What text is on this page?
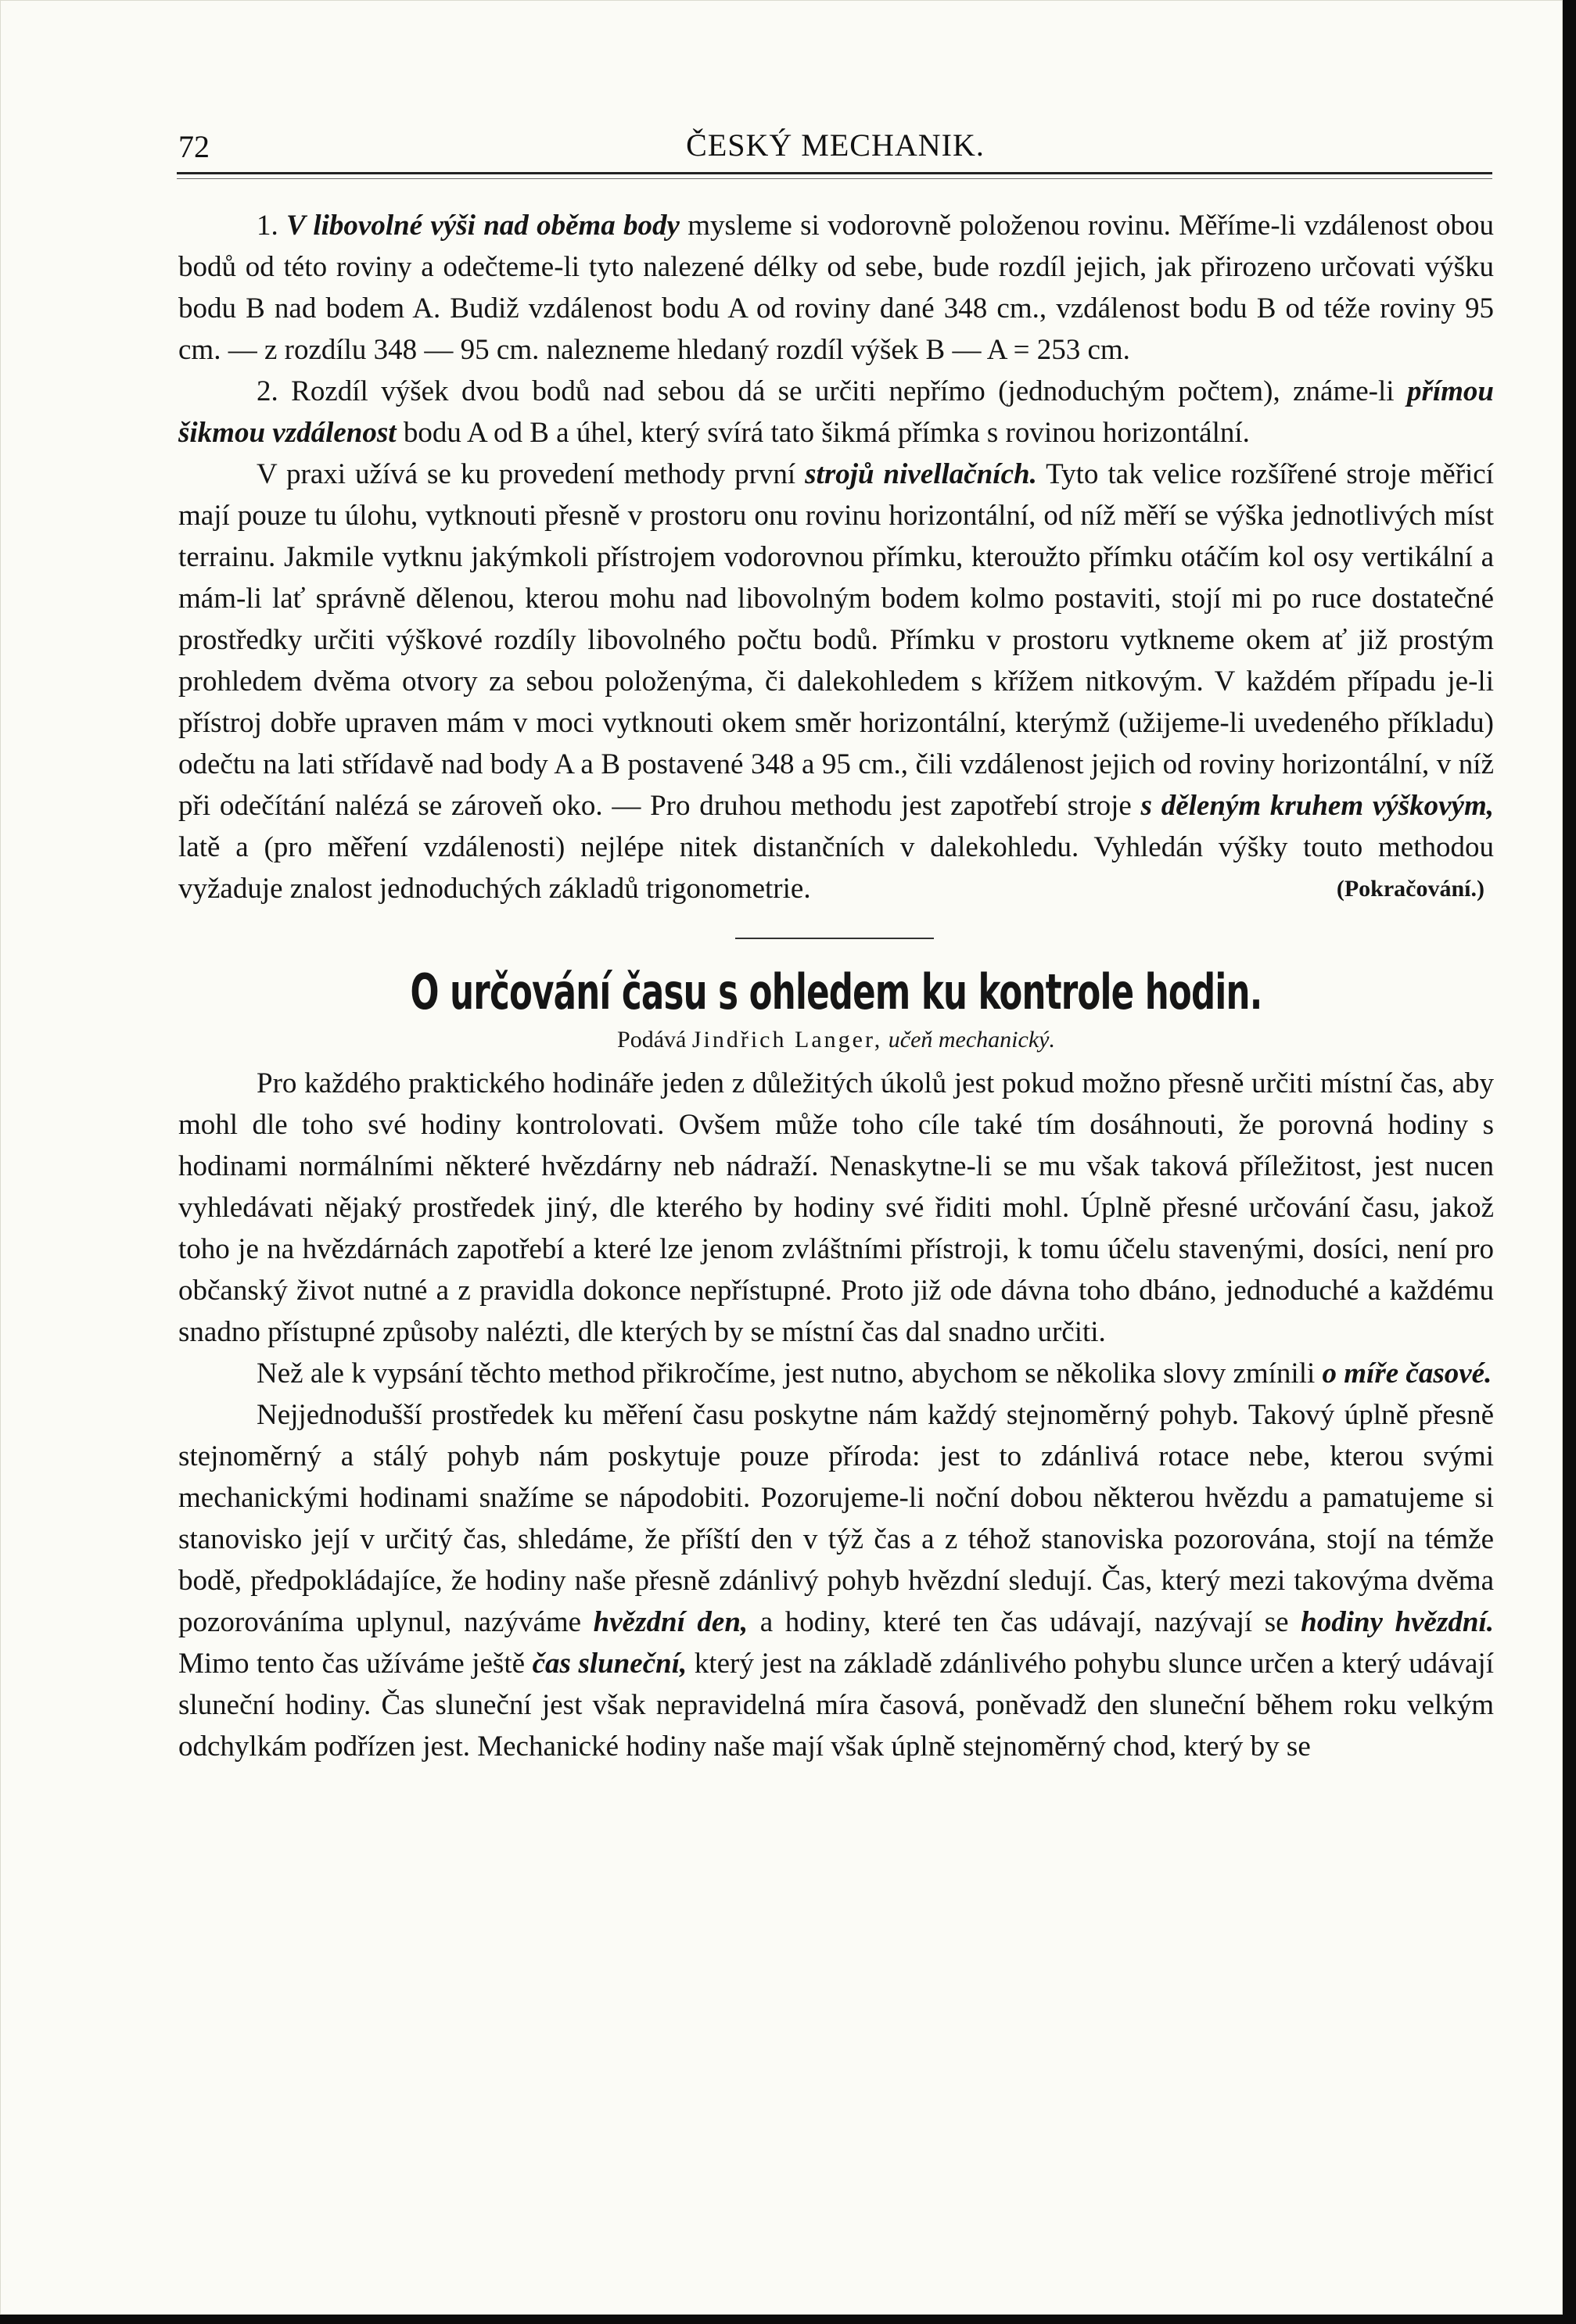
72	ČESKÝ MECHANIK.

1. V libovolné výši nad oběma body mysleme si vodorovně položenou rovinu. Měříme-li vzdálenost obou bodů od této roviny a odečteme-li tyto nalezené délky od sebe, bude rozdíl jejich, jak přirozeno určovati výšku bodu B nad bodem A. Budiž vzdálenost bodu A od roviny dané 348 cm., vzdálenost bodu B od téže roviny 95 cm. — z rozdílu 348 — 95 cm. nalezneme hledaný rozdíl výšek B — A = 253 cm.

2. Rozdíl výšek dvou bodů nad sebou dá se určiti nepřímo (jednoduchým počtem), známe-li přímou šikmou vzdálenost bodu A od B a úhel, který svírá tato šikmá přímka s rovinou horizontální.

V praxi užívá se ku provedení methody první strojů nivellačních. Tyto tak velice rozšířené stroje měřicí mají pouze tu úlohu, vytknouti přesně v prostoru onu rovinu horizontální, od níž měří se výška jednotlivých míst terrainu. Jakmile vytknu jakýmkoli přístrojem vodorovnou přímku, kteroužto přímku otáčím kol osy vertikální a mám-li lať správně dělenou, kterou mohu nad libovolným bodem kolmo postaviti, stojí mi po ruce dostatečné prostředky určiti výškové rozdíly libovolného počtu bodů. Přímku v prostoru vytkneme okem ať již prostým prohledem dvěma otvory za sebou položenýma, či dalekohledem s křížem nitkovým. V každém případu je-li přístroj dobře upraven mám v moci vytknouti okem směr horizontální, kterýmž (užijeme-li uvedeného příkladu) odečtu na lati střídavě nad body A a B postavené 348 a 95 cm., čili vzdálenost jejich od roviny horizontální, v níž při odečítání nalézá se zároveň oko. — Pro druhou methodu jest zapotřebí stroje s děleným kruhem výškovým, latě a (pro měření vzdálenosti) nejlépe nitek distančních v dalekohledu. Vyhledán výšky touto methodou vyžaduje znalost jednoduchých základů trigonometrie.	(Pokračování.)

O určování času s ohledem ku kontrole hodin.
Podává Jindřich Langer, učeň mechanický.

Pro každého praktického hodináře jeden z důležitých úkolů jest pokud možno přesně určiti místní čas, aby mohl dle toho své hodiny kontrolovati. Ovšem může toho cíle také tím dosáhnouti, že porovná hodiny s hodinami normálními některé hvězdárny neb nádraží. Nenaskytne-li se mu však taková příležitost, jest nucen vyhledávati nějaký prostředek jiný, dle kterého by hodiny své řiditi mohl. Úplně přesné určování času, jakož toho je na hvězdárnách zapotřebí a které lze jenom zvláštními přístroji, k tomu účelu stavenými, dosíci, není pro občanský život nutné a z pravidla dokonce nepřístupné. Proto již ode dávna toho dbáno, jednoduché a každému snadno přístupné způsoby nalézti, dle kterých by se místní čas dal snadno určiti.

Než ale k vypsání těchto method přikročíme, jest nutno, abychom se několika slovy zmínili o míře časové.

Nejjednodušší prostředek ku měření času poskytne nám každý stejnoměrný pohyb. Takový úplně přesně stejnoměrný a stálý pohyb nám poskytuje pouze příroda: jest to zdánlivá rotace nebe, kterou svými mechanickými hodinami snažíme se nápodobiti. Pozorujeme-li noční dobou některou hvězdu a pamatujeme si stanovisko její v určitý čas, shledáme, že příští den v týž čas a z téhož stanoviska pozorována, stojí na témže bodě, předpokládajíce, že hodiny naše přesně zdánlivý pohyb hvězdní sledují. Čas, který mezi takovýma dvěma pozorováníma uplynul, nazýváme hvězdní den, a hodiny, které ten čas udávají, nazývají se hodiny hvězdní. Mimo tento čas užíváme ještě čas sluneční, který jest na základě zdánlivého pohybu slunce určen a který udávají sluneční hodiny. Čas sluneční jest však nepravidelná míra časová, poněvadž den sluneční během roku velkým odchylkám podřízen jest. Mechanické hodiny naše mají však úplně stejnoměrný chod, který by se
